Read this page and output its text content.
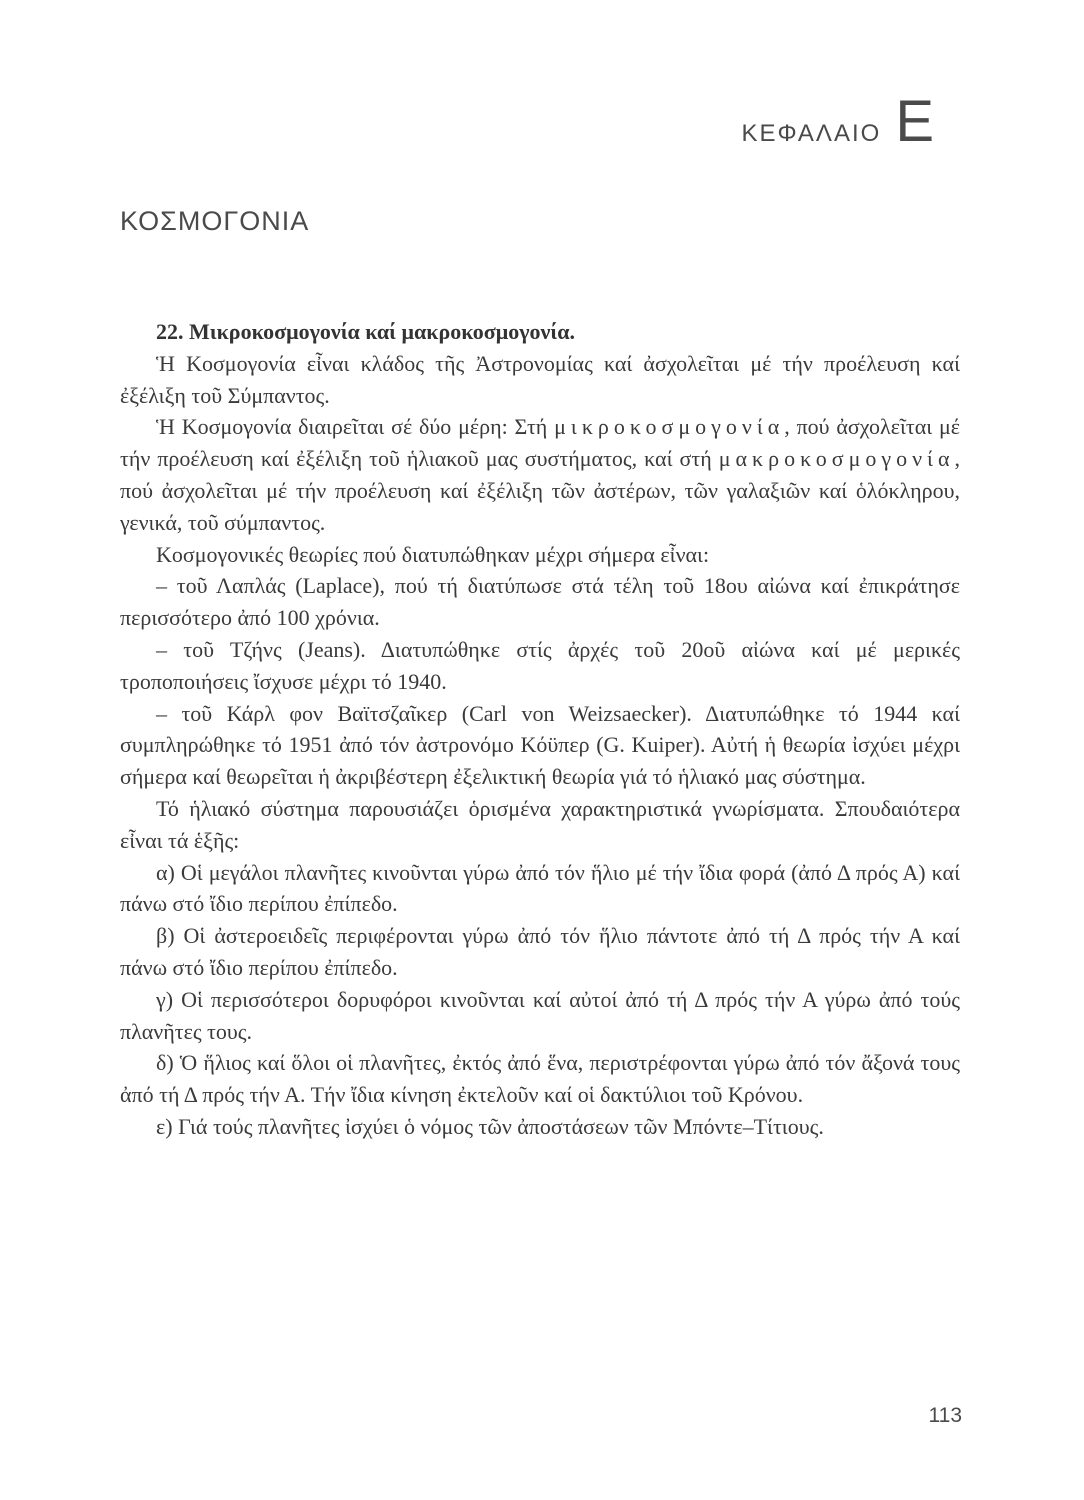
ΚΕΦΑΛΑΙΟ Ε
ΚΟΣΜΟΓΟΝΙΑ
22. Μικροκοσμογονία καί μακροκοσμογονία.

Ἡ Κοσμογονία εἶναι κλάδος τῆς Ἀστρονομίας καί ἀσχολεῖται μέ τήν προέλευση καί ἐξέλιξη τοῦ Σύμπαντος.

Ἡ Κοσμογονία διαιρεῖται σέ δύο μέρη: Στή μικροκοσμογονία, πού ἀσχολεῖται μέ τήν προέλευση καί ἐξέλιξη τοῦ ἡλιακοῦ μας συστήματος, καί στή μακροκοσμογονία, πού ἀσχολεῖται μέ τήν προέλευση καί ἐξέλιξη τῶν ἀστέρων, τῶν γαλαξιῶν καί ὁλόκληρου, γενικά, τοῦ σύμπαντος.

Κοσμογονικές θεωρίες πού διατυπώθηκαν μέχρι σήμερα εἶναι:

– τοῦ Λαπλάς (Laplace), πού τή διατύπωσε στά τέλη τοῦ 18ου αἰώνα καί ἐπικράτησε περισσότερο ἀπό 100 χρόνια.

– τοῦ Τζήνς (Jeans). Διατυπώθηκε στίς ἀρχές τοῦ 20οῦ αἰώνα καί μέ μερικές τροποποιήσεις ἴσχυσε μέχρι τό 1940.

– τοῦ Κάρλ φον Βαϊτσζαῖκερ (Carl von Weizsaecker). Διατυπώθηκε τό 1944 καί συμπληρώθηκε τό 1951 ἀπό τόν ἀστρονόμο Κόϋπερ (G. Kuiper). Αὐτή ἡ θεωρία ἰσχύει μέχρι σήμερα καί θεωρεῖται ἡ ἀκριβέστερη ἐξελικτική θεωρία γιά τό ἡλιακό μας σύστημα.

Τό ἡλιακό σύστημα παρουσιάζει ὁρισμένα χαρακτηριστικά γνωρίσματα. Σπουδαιότερα εἶναι τά ἑξῆς:

α) Οἱ μεγάλοι πλανῆτες κινοῦνται γύρω ἀπό τόν ἥλιο μέ τήν ἴδια φορά (ἀπό Δ πρός Α) καί πάνω στό ἴδιο περίπου ἐπίπεδο.

β) Οἱ ἀστεροειδεῖς περιφέρονται γύρω ἀπό τόν ἥλιο πάντοτε ἀπό τή Δ πρός τήν Α καί πάνω στό ἴδιο περίπου ἐπίπεδο.

γ) Οἱ περισσότεροι δορυφόροι κινοῦνται καί αὐτοί ἀπό τή Δ πρός τήν Α γύρω ἀπό τούς πλανῆτες τους.

δ) Ὁ ἥλιος καί ὅλοι οἱ πλανῆτες, ἐκτός ἀπό ἕνα, περιστρέφονται γύρω ἀπό τόν ἄξονά τους ἀπό τή Δ πρός τήν Α. Τήν ἴδια κίνηση ἐκτελοῦν καί οἱ δακτύλιοι τοῦ Κρόνου.

ε) Γιά τούς πλανῆτες ἰσχύει ὁ νόμος τῶν ἀποστάσεων τῶν Μπόντε–Τίτιους.

113
